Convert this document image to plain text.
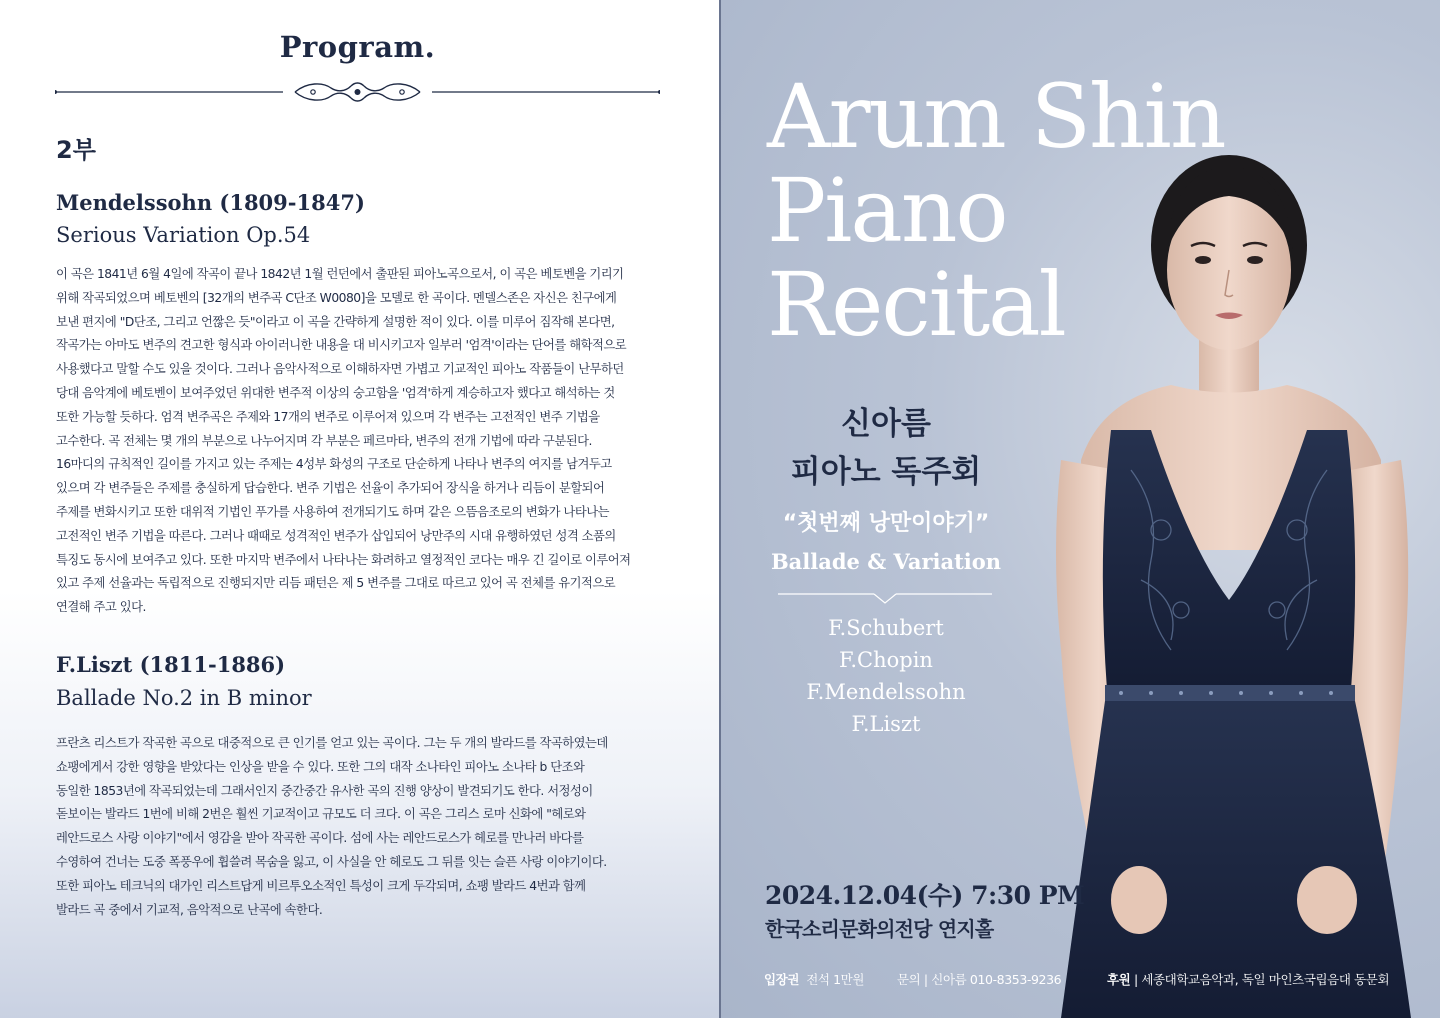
Program.
2부
Mendelssohn (1809-1847)
Serious Variation Op.54
이 곡은 1841년 6월 4일에 작곡이 끝나 1842년 1월 런던에서 출판된 피아노곡으로서, 이 곡은 베토벤을 기리기
위해 작곡되었으며 베토벤의 [32개의 변주곡 C단조 W0080]을 모델로 한 곡이다. 멘델스존은 자신은 친구에게
보낸 편지에 "D단조, 그리고 언짢은 듯"이라고 이 곡을 간략하게 설명한 적이 있다. 이를 미루어 짐작해 본다면,
작곡가는 아마도 변주의 견고한 형식과 아이러니한 내용을 대 비시키고자 일부러 '엄격'이라는 단어를 해학적으로
사용했다고 말할 수도 있을 것이다. 그러나 음악사적으로 이해하자면 가볍고 기교적인 피아노 작품들이 난무하던
당대 음악계에 베토벤이 보여주었던 위대한 변주적 이상의 숭고함을 '엄격'하게 계승하고자 했다고 해석하는 것
또한 가능할 듯하다. 엄격 변주곡은 주제와 17개의 변주로 이루어져 있으며 각 변주는 고전적인 변주 기법을
고수한다. 곡 전체는 몇 개의 부분으로 나누어지며 각 부분은 페르마타, 변주의 전개 기법에 따라 구분된다.
16마디의 규칙적인 길이를 가지고 있는 주제는 4성부 화성의 구조로 단순하게 나타나 변주의 여지를 남겨두고
있으며 각 변주들은 주제를 충실하게 답습한다. 변주 기법은 선율이 추가되어 장식을 하거나 리듬이 분할되어
주제를 변화시키고 또한 대위적 기법인 푸가를 사용하여 전개되기도 하며 같은 으뜸음조로의 변화가 나타나는
고전적인 변주 기법을 따른다. 그러나 때때로 성격적인 변주가 삽입되어 낭만주의 시대 유행하였던 성격 소품의
특징도 동시에 보여주고 있다. 또한 마지막 변주에서 나타나는 화려하고 열정적인 코다는 매우 긴 길이로 이루어져
있고 주제 선율과는 독립적으로 진행되지만 리듬 패턴은 제 5 변주를 그대로 따르고 있어 곡 전체를 유기적으로
연결해 주고 있다.
F.Liszt (1811-1886)
Ballade No.2 in B minor
프란츠 리스트가 작곡한 곡으로 대중적으로 큰 인기를 얻고 있는 곡이다. 그는 두 개의 발라드를 작곡하였는데
쇼팽에게서 강한 영향을 받았다는 인상을 받을 수 있다. 또한 그의 대작 소나타인 피아노 소나타 b 단조와
동일한 1853년에 작곡되었는데 그래서인지 중간중간 유사한 곡의 진행 양상이 발견되기도 한다. 서정성이
돋보이는 발라드 1번에 비해 2번은 훨씬 기교적이고 규모도 더 크다. 이 곡은 그리스 로마 신화에 "헤로와
레안드로스 사랑 이야기"에서 영감을 받아 작곡한 곡이다. 섬에 사는 레안드로스가 헤로를 만나러 바다를
수영하여 건너는 도중 폭풍우에 휩쓸려 목숨을 잃고, 이 사실을 안 헤로도 그 뒤를 잇는 슬픈 사랑 이야기이다.
또한 피아노 테크닉의 대가인 리스트답게 비르투오소적인 특성이 크게 두각되며, 쇼팽 발라드 4번과 함께
발라드 곡 중에서 기교적, 음악적으로 난곡에 속한다.
Arum Shin
Piano
Recital
신아름
피아노 독주회
“첫번째 낭만이야기”
Ballade & Variation
F.Schubert
F.Chopin
F.Mendelssohn
F.Liszt
2024.12.04(수) 7:30 PM
한국소리문화의전당 연지홀
입장권 전석 1만원	문의 | 신아름 010-8353-9236	후원 | 세종대학교음악과, 독일 마인츠국립음대 동문회
